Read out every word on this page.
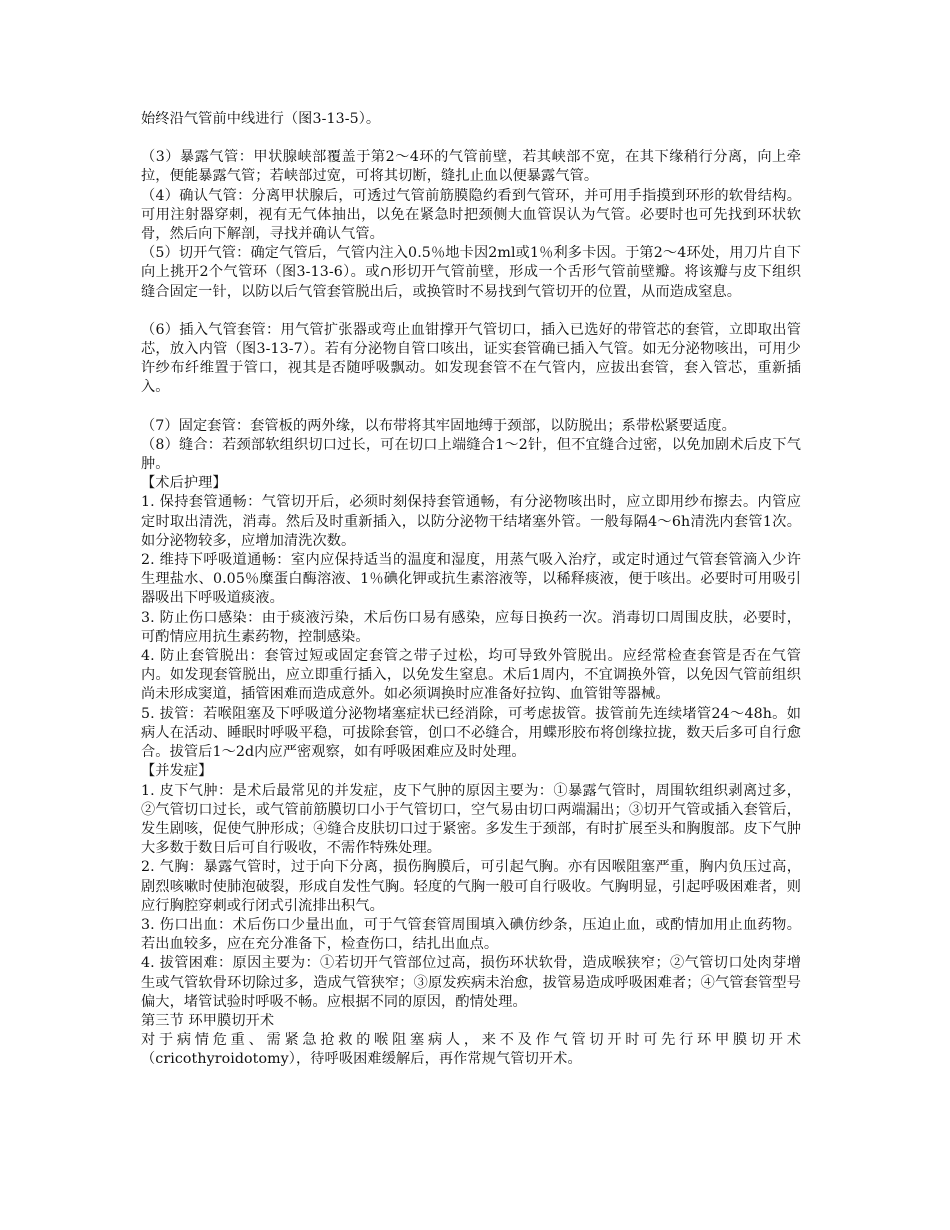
始终沿气管前中线进行（图3-13-5）。

（3）暴露气管：甲状腺峡部覆盖于第2～4环的气管前壁，若其峡部不宽，在其下缘稍行分离，向上牵拉，便能暴露气管；若峡部过宽，可将其切断，缝扎止血以便暴露气管。

（4）确认气管：分离甲状腺后，可透过气管前筋膜隐约看到气管环，并可用手指摸到环形的软骨结构。可用注射器穿刺，视有无气体抽出，以免在紧急时把颈侧大血管误认为气管。必要时也可先找到环状软骨，然后向下解剖，寻找并确认气管。

（5）切开气管：确定气管后，气管内注入0.5％地卡因2ml或1％利多卡因。于第2～4环处，用刀片自下向上挑开2个气管环（图3-13-6）。或∩形切开气管前壁，形成一个舌形气管前壁瓣。将该瓣与皮下组织缝合固定一针，以防以后气管套管脱出后，或换管时不易找到气管切开的位置，从而造成窒息。

（6）插入气管套管：用气管扩张器或弯止血钳撑开气管切口，插入已选好的带管芯的套管，立即取出管芯，放入内管（图3-13-7）。若有分泌物自管口咳出，证实套管确已插入气管。如无分泌物咳出，可用少许纱布纤维置于管口，视其是否随呼吸飘动。如发现套管不在气管内，应拔出套管，套入管芯，重新插入。

（7）固定套管：套管板的两外缘，以布带将其牢固地缚于颈部，以防脱出；系带松紧要适度。

（8）缝合：若颈部软组织切口过长，可在切口上端缝合1～2针，但不宜缝合过密，以免加剧术后皮下气肿。

【术后护理】

1. 保持套管通畅：气管切开后，必须时刻保持套管通畅，有分泌物咳出时，应立即用纱布擦去。内管应定时取出清洗，消毒。然后及时重新插入，以防分泌物干结堵塞外管。一般每隔4～6h清洗内套管1次。如分泌物较多，应增加清洗次数。

2. 维持下呼吸道通畅：室内应保持适当的温度和湿度，用蒸气吸入治疗，或定时通过气管套管滴入少许生理盐水、0.05％糜蛋白酶溶液、1％碘化钾或抗生素溶液等，以稀释痰液，便于咳出。必要时可用吸引器吸出下呼吸道痰液。

3. 防止伤口感染：由于痰液污染，术后伤口易有感染，应每日换药一次。消毒切口周围皮肤，必要时，可酌情应用抗生素药物，控制感染。

4. 防止套管脱出：套管过短或固定套管之带子过松，均可导致外管脱出。应经常检查套管是否在气管内。如发现套管脱出，应立即重行插入，以免发生窒息。术后1周内，不宜调换外管，以免因气管前组织尚未形成窦道，插管困难而造成意外。如必须调换时应准备好拉钩、血管钳等器械。

5. 拔管：若喉阻塞及下呼吸道分泌物堵塞症状已经消除，可考虑拔管。拔管前先连续堵管24～48h。如病人在活动、睡眠时呼吸平稳，可拔除套管，创口不必缝合，用蝶形胶布将创缘拉拢，数天后多可自行愈合。拔管后1～2d内应严密观察，如有呼吸困难应及时处理。

【并发症】

1. 皮下气肿：是术后最常见的并发症，皮下气肿的原因主要为：①暴露气管时，周围软组织剥离过多，②气管切口过长，或气管前筋膜切口小于气管切口，空气易由切口两端漏出；③切开气管或插入套管后，发生剧咳，促使气肿形成；④缝合皮肤切口过于紧密。多发生于颈部，有时扩展至头和胸腹部。皮下气肿大多数于数日后可自行吸收，不需作特殊处理。

2. 气胸：暴露气管时，过于向下分离，损伤胸膜后，可引起气胸。亦有因喉阻塞严重，胸内负压过高，剧烈咳嗽时使肺泡破裂，形成自发性气胸。轻度的气胸一般可自行吸收。气胸明显，引起呼吸困难者，则应行胸腔穿刺或行闭式引流排出积气。

3. 伤口出血：术后伤口少量出血，可于气管套管周围填入碘仿纱条，压迫止血，或酌情加用止血药物。若出血较多，应在充分准备下，检查伤口，结扎出血点。

4. 拔管困难：原因主要为：①若切开气管部位过高，损伤环状软骨，造成喉狭窄；②气管切口处肉芽增生或气管软骨环切除过多，造成气管狭窄；③原发疾病未治愈，拔管易造成呼吸困难者；④气管套管型号偏大，堵管试验时呼吸不畅。应根据不同的原因，酌情处理。

第三节 环甲膜切开术

对于病情危重、需紧急抢救的喉阻塞病人，来不及作气管切开时可先行环甲膜切开术（cricothyroidotomy），待呼吸困难缓解后，再作常规气管切开术。
